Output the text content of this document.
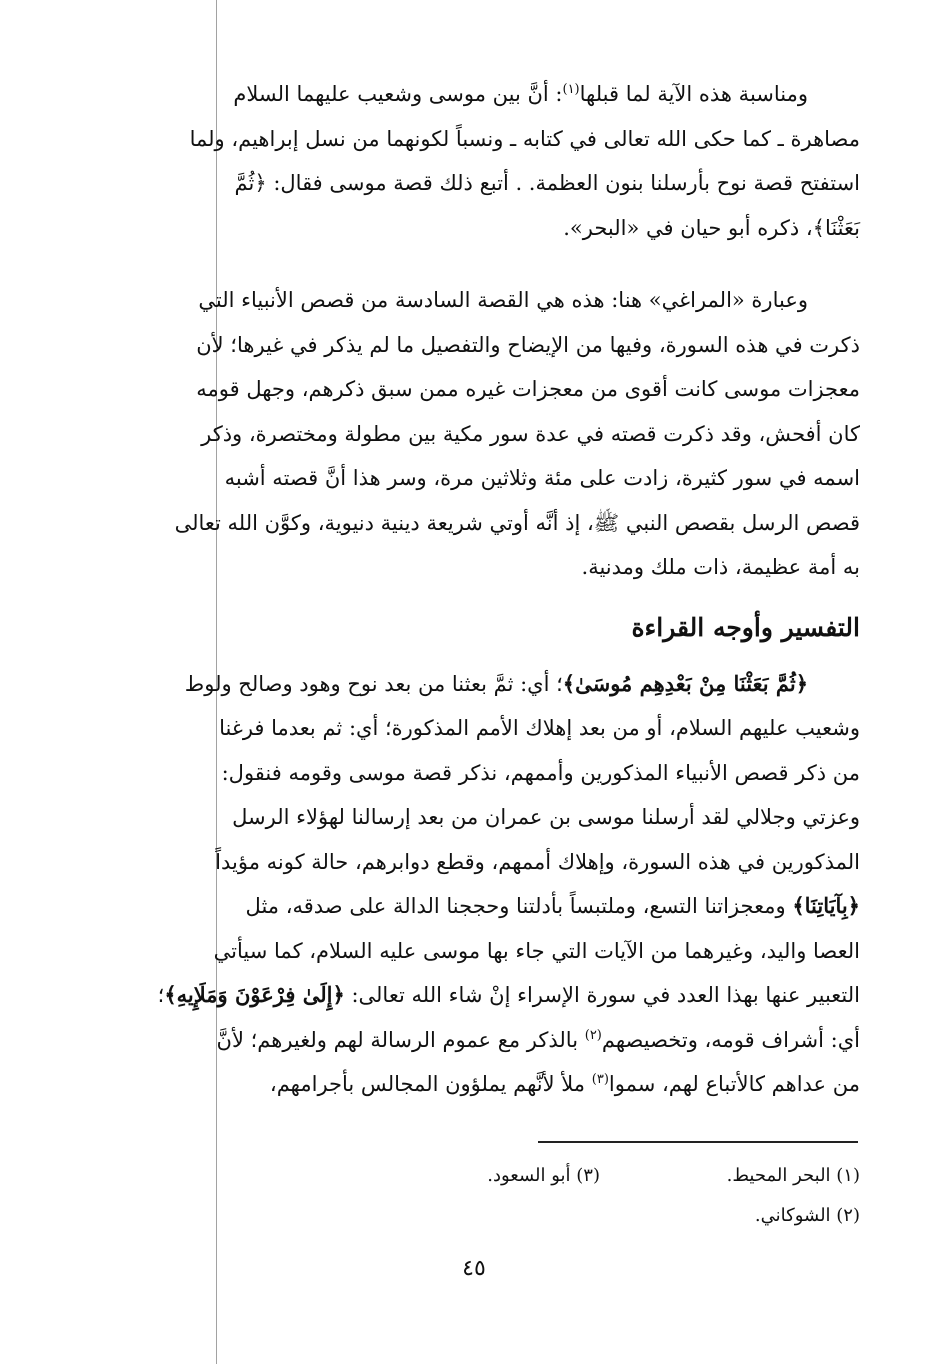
ومناسبة هذه الآية لما قبلها$^{(١)}$: أنَّ بين موسى وشعيب عليهما السلام

مصاهرة ـ كما حكى الله تعالى في كتابه ـ ونسباً لكونهما من نسل إبراهيم، ولما

استفتح قصة نوح بأرسلنا بنون العظمة. . أتبع ذلك قصة موسى فقال: ﴿ثُمَّ

بَعَثْنَا﴾، ذكره أبو حيان في «البحر».

وعبارة «المراغي» هنا: هذه هي القصة السادسة من قصص الأنبياء التي

ذكرت في هذه السورة، وفيها من الإيضاح والتفصيل ما لم يذكر في غيرها؛ لأن

معجزات موسى كانت أقوى من معجزات غيره ممن سبق ذكرهم، وجهل قومه

كان أفحش، وقد ذكرت قصته في عدة سور مكية بين مطولة ومختصرة، وذكر

اسمه في سور كثيرة، زادت على مئة وثلاثين مرة، وسر هذا أنَّ قصته أشبه

قصص الرسل بقصص النبي ﷺ، إذ أنَّه أوتي شريعة دينية دنيوية، وكوَّن الله تعالى

به أمة عظيمة، ذات ملك ومدنية.

التفسير وأوجه القراءة

﴿ثُمَّ بَعَثْنَا مِنْ بَعْدِهِم مُوسَىٰ﴾؛ أي: ثمَّ بعثنا من بعد نوح وهود وصالح ولوط

وشعيب عليهم السلام، أو من بعد إهلاك الأمم المذكورة؛ أي: ثم بعدما فرغنا

من ذكر قصص الأنبياء المذكورين وأممهم، نذكر قصة موسى وقومه فنقول:

وعزتي وجلالي لقد أرسلنا موسى بن عمران من بعد إرسالنا لهؤلاء الرسل

المذكورين في هذه السورة، وإهلاك أممهم، وقطع دوابرهم، حالة كونه مؤيداً

﴿بِآيَاتِنَا﴾ ومعجزاتنا التسع، وملتبساً بأدلتنا وحججنا الدالة على صدقه، مثل

العصا واليد، وغيرهما من الآيات التي جاء بها موسى عليه السلام، كما سيأتي

التعبير عنها بهذا العدد في سورة الإسراء إنْ شاء الله تعالى: ﴿إِلَىٰ فِرْعَوْنَ وَمَلَإِيهِ﴾؛

أي: أشراف قومه، وتخصيصهم$^{(٢)}$ بالذكر مع عموم الرسالة لهم ولغيرهم؛ لأنَّ

من عداهم كالأتباع لهم، سموا$^{(٣)}$ ملأ لأنَّهم يملؤون المجالس بأجرامهم،

(١) البحر المحيط.
(٣) أبو السعود.
(٢) الشوكاني.
٤٥
